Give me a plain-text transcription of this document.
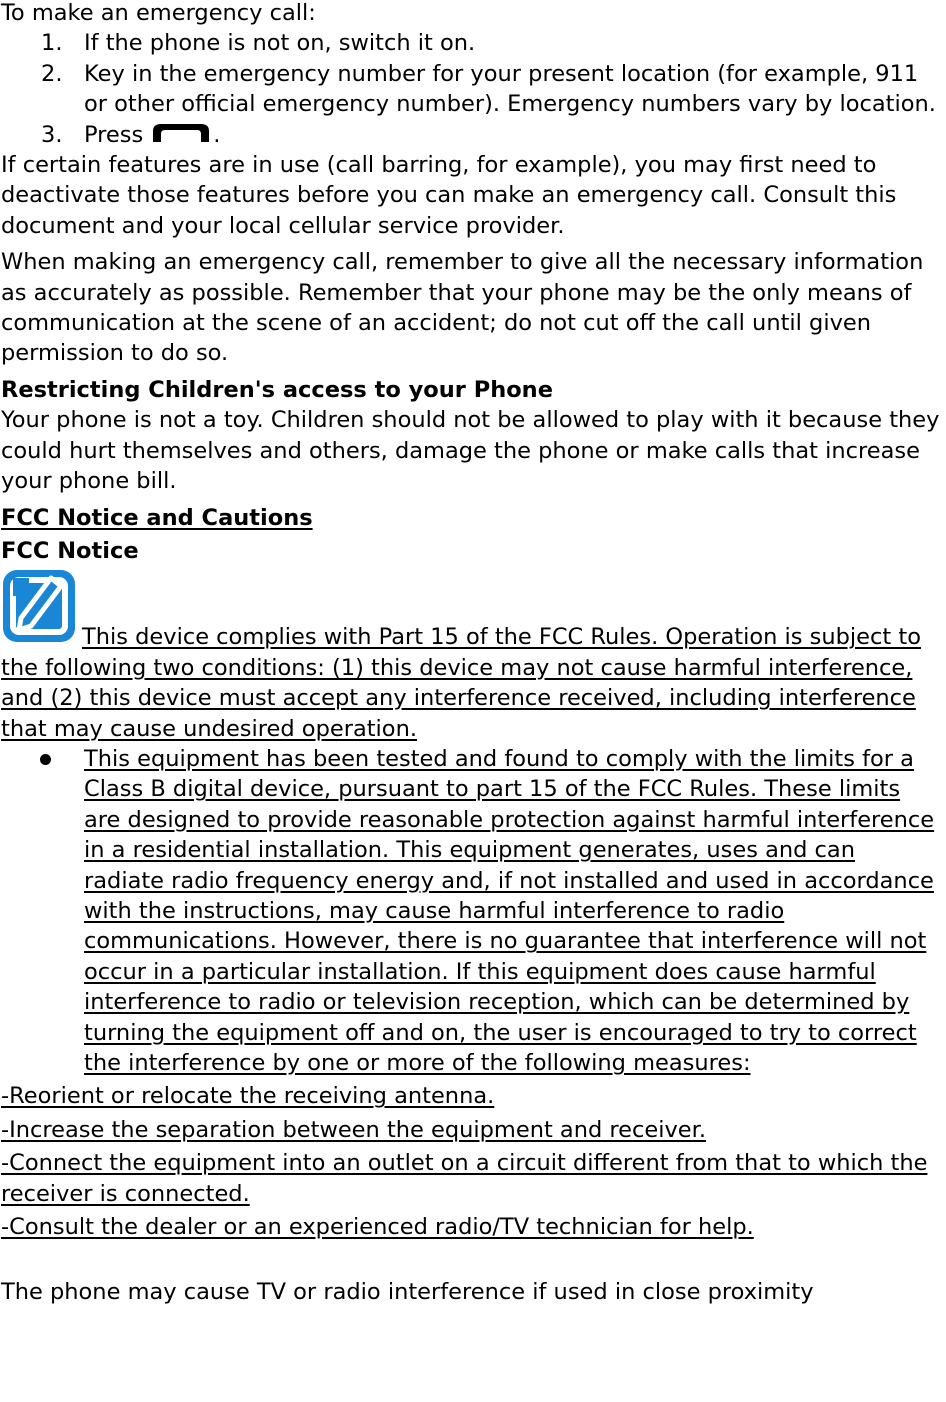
To make an emergency call:

1. If the phone is not on, switch it on.
2. Key in the emergency number for your present location (for example, 911 or other official emergency number). Emergency numbers vary by location.
3. Press	.

If certain features are in use (call barring, for example), you may first need to deactivate those features before you can make an emergency call. Consult this document and your local cellular service provider.

When making an emergency call, remember to give all the necessary information as accurately as possible. Remember that your phone may be the only means of communication at the scene of an accident; do not cut off the call until given permission to do so.

Restricting Children's access to your Phone

Your phone is not a toy. Children should not be allowed to play with it because they could hurt themselves and others, damage the phone or make calls that increase your phone bill.

FCC Notice and Cautions

FCC Notice

This device complies with Part 15 of the FCC Rules. Operation is subject to the following two conditions: (1) this device may not cause harmful interference, and (2) this device must accept any interference received, including interference that may cause undesired operation.

This equipment has been tested and found to comply with the limits for a Class B digital device, pursuant to part 15 of the FCC Rules. These limits are designed to provide reasonable protection against harmful interference in a residential installation. This equipment generates, uses and can radiate radio frequency energy and, if not installed and used in accordance with the instructions, may cause harmful interference to radio communications. However, there is no guarantee that interference will not occur in a particular installation. If this equipment does cause harmful interference to radio or television reception, which can be determined by turning the equipment off and on, the user is encouraged to try to correct the interference by one or more of the following measures:

-Reorient or relocate the receiving antenna.

-Increase the separation between the equipment and receiver.

-Connect the equipment into an outlet on a circuit different from that to which the receiver is connected.

-Consult the dealer or an experienced radio/TV technician for help.

The phone may cause TV or radio interference if used in close proximity
